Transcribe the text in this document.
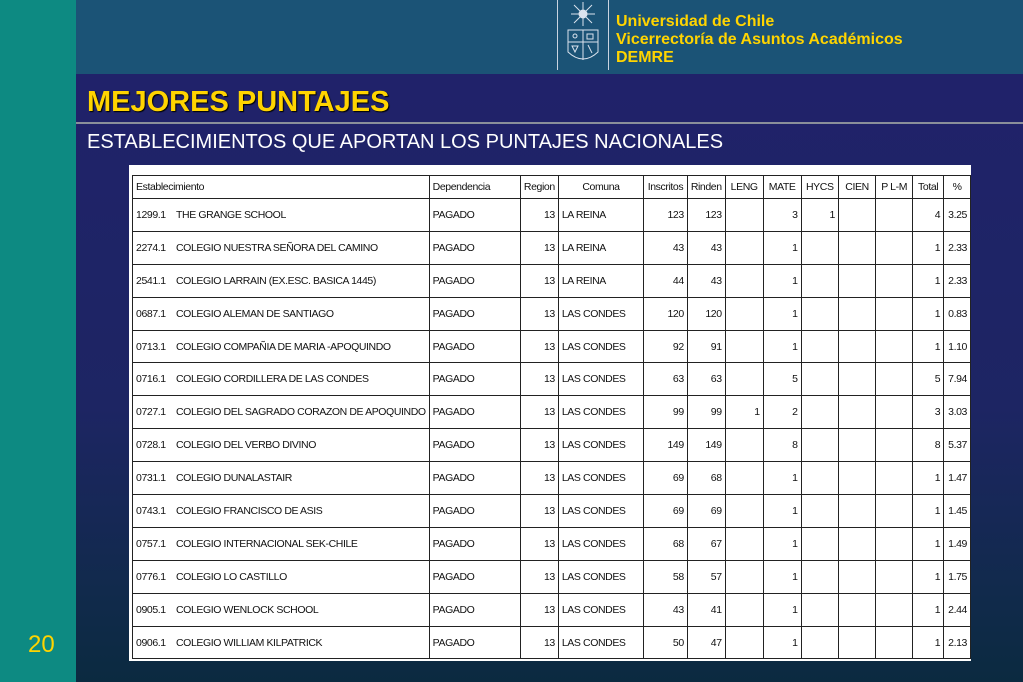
Universidad de Chile
Vicerrectoría de Asuntos Académicos
DEMRE
MEJORES PUNTAJES
ESTABLECIMIENTOS QUE APORTAN LOS PUNTAJES NACIONALES
Establecimiento	Dependencia	Region	Comuna	Inscritos	Rinden	LENG	MATE	HYCS	CIEN	P L-M	Total	%
1299.1 THE GRANGE SCHOOL	PAGADO	13	LA REINA	123	123		3	1			4	3.25
2274.1 COLEGIO NUESTRA SEÑORA DEL CAMINO	PAGADO	13	LA REINA	43	43		1				1	2.33
2541.1 COLEGIO LARRAIN (EX.ESC. BASICA 1445)	PAGADO	13	LA REINA	44	43		1				1	2.33
0687.1 COLEGIO ALEMAN DE SANTIAGO	PAGADO	13	LAS CONDES	120	120		1				1	0.83
0713.1 COLEGIO COMPAÑIA DE MARIA -APOQUINDO	PAGADO	13	LAS CONDES	92	91		1				1	1.10
0716.1 COLEGIO CORDILLERA DE LAS CONDES	PAGADO	13	LAS CONDES	63	63		5				5	7.94
0727.1 COLEGIO DEL SAGRADO CORAZON DE APOQUINDO	PAGADO	13	LAS CONDES	99	99	1	2				3	3.03
0728.1 COLEGIO DEL VERBO DIVINO	PAGADO	13	LAS CONDES	149	149		8				8	5.37
0731.1 COLEGIO DUNALASTAIR	PAGADO	13	LAS CONDES	69	68		1				1	1.47
0743.1 COLEGIO FRANCISCO DE ASIS	PAGADO	13	LAS CONDES	69	69		1				1	1.45
0757.1 COLEGIO INTERNACIONAL SEK-CHILE	PAGADO	13	LAS CONDES	68	67		1				1	1.49
0776.1 COLEGIO LO CASTILLO	PAGADO	13	LAS CONDES	58	57		1				1	1.75
0905.1 COLEGIO WENLOCK SCHOOL	PAGADO	13	LAS CONDES	43	41		1				1	2.44
0906.1 COLEGIO WILLIAM KILPATRICK	PAGADO	13	LAS CONDES	50	47		1				1	2.13
20
